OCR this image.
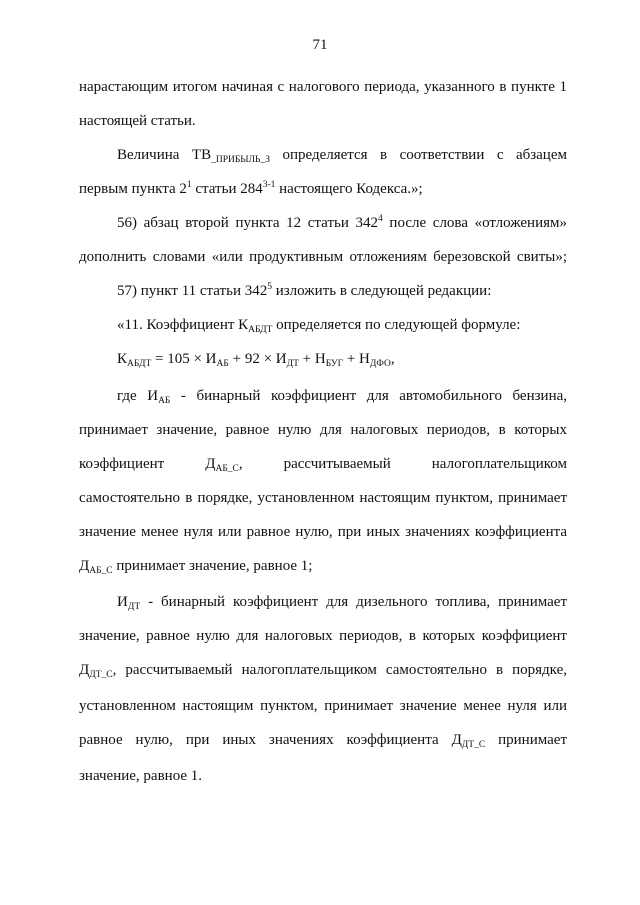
71
нарастающим итогом начиная с налогового периода, указанного в пункте 1
настоящей статьи.
Величина $ТВ_{\_ПРИБЫЛЬ\_З}$ определяется в соответствии с абзацем
первым пункта $2^1$ статьи 284$^{3-1}$ настоящего Кодекса.»;
56) абзац второй пункта 12 статьи $342^4$ после слова «отложениям»
дополнить словами «или продуктивным отложениям березовской свиты»;
57) пункт 11 статьи $342^5$ изложить в следующей редакции:
«11. Коэффициент $К_{АБДТ}$ определяется по следующей формуле:
$К_{АБДТ} = 105 \times И_{АБ} + 92 \times И_{ДТ} + Н_{БУГ} + Н_{ДФО}$,
где $И_{АБ}$ - бинарный коэффициент для автомобильного бензина,
принимает значение, равное нулю для налоговых периодов, в которых
коэффициент	$Д_{АБ\_С}$,	рассчитываемый	налогоплательщиком
самостоятельно в порядке, установленном настоящим пунктом, принимает
значение менее нуля или равное нулю, при иных значениях коэффициента
$Д_{АБ\_С}$ принимает значение, равное 1;
$И_{ДТ}$ - бинарный коэффициент для дизельного топлива, принимает
значение, равное нулю для налоговых периодов, в которых коэффициент
$Д_{ДТ\_С}$, рассчитываемый налогоплательщиком самостоятельно в порядке,
установленном настоящим пунктом, принимает значение менее нуля или
равное нулю, при иных значениях коэффициента $Д_{ДТ\_С}$ принимает
значение, равное 1.
